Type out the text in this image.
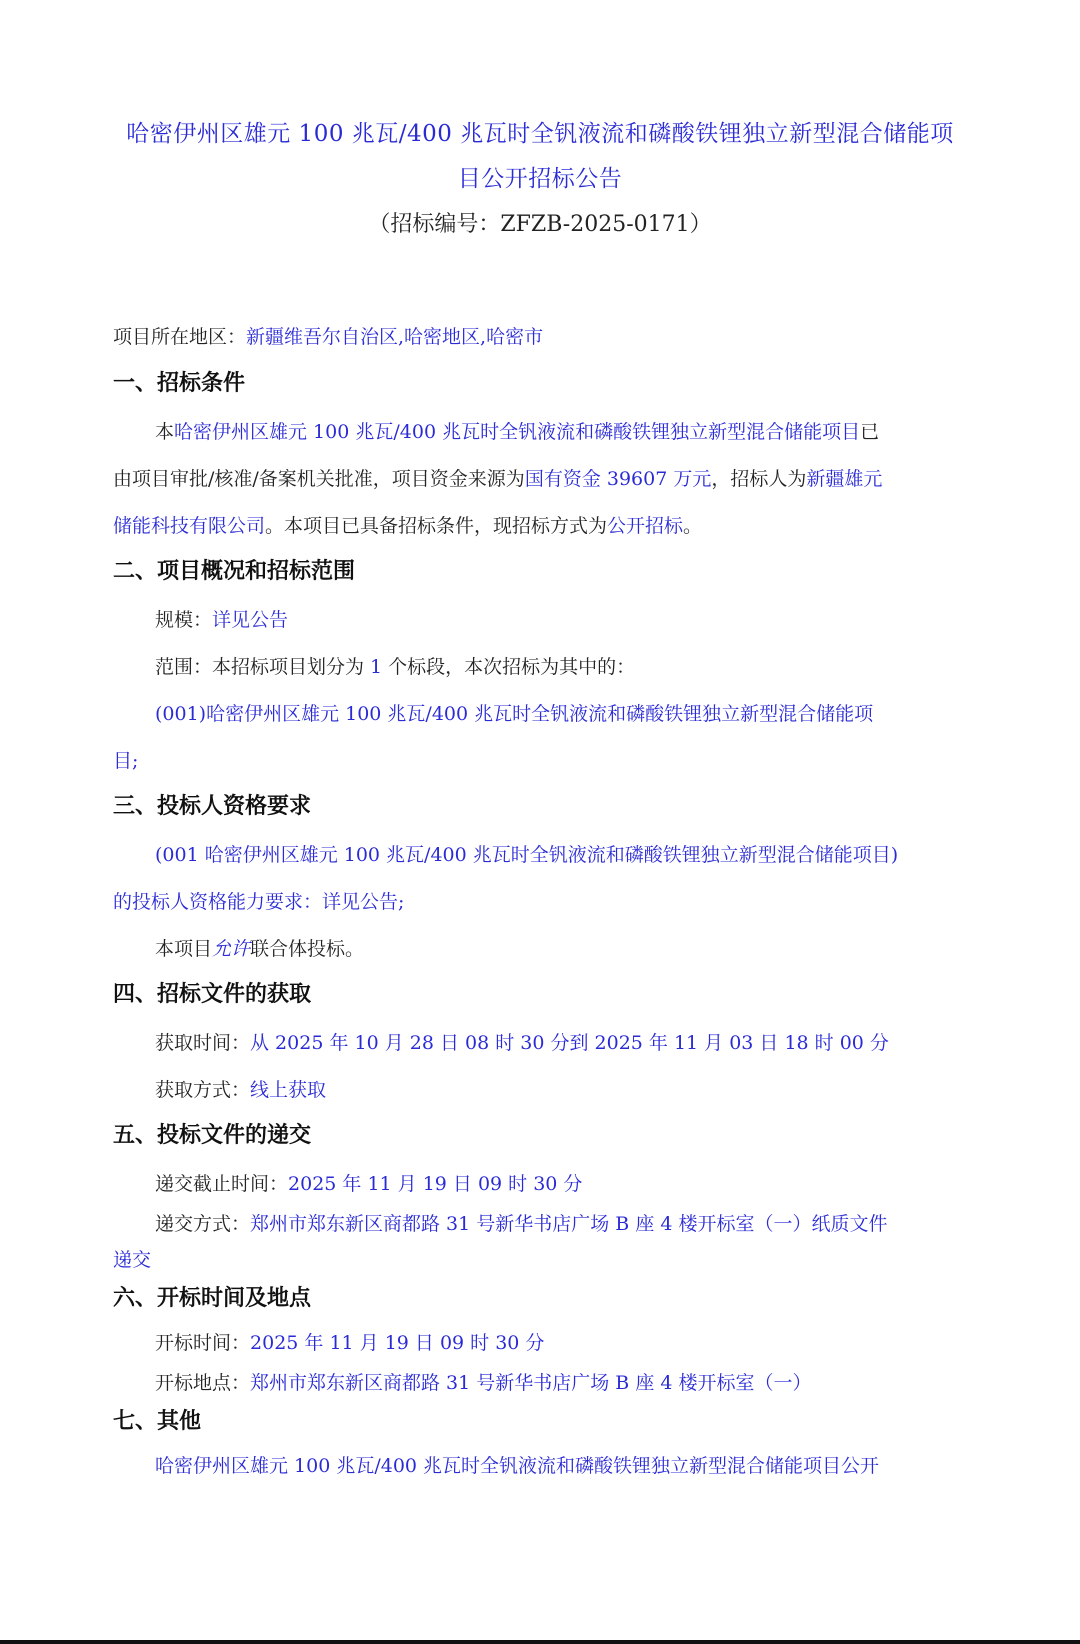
哈密伊州区雄元 100 兆瓦/400 兆瓦时全钒液流和磷酸铁锂独立新型混合储能项
目公开招标公告
（招标编号：ZFZB-2025-0171）
项目所在地区：新疆维吾尔自治区,哈密地区,哈密市
一、招标条件
本哈密伊州区雄元 100 兆瓦/400 兆瓦时全钒液流和磷酸铁锂独立新型混合储能项目已
由项目审批/核准/备案机关批准，项目资金来源为国有资金 39607 万元，招标人为新疆雄元
储能科技有限公司。本项目已具备招标条件，现招标方式为公开招标。
二、项目概况和招标范围
规模：详见公告
范围：本招标项目划分为 1 个标段，本次招标为其中的：
(001)哈密伊州区雄元 100 兆瓦/400 兆瓦时全钒液流和磷酸铁锂独立新型混合储能项
目;
三、投标人资格要求
(001 哈密伊州区雄元 100 兆瓦/400 兆瓦时全钒液流和磷酸铁锂独立新型混合储能项目)
的投标人资格能力要求：详见公告;
本项目允许联合体投标。
四、招标文件的获取
获取时间：从 2025 年 10 月 28 日 08 时 30 分到 2025 年 11 月 03 日 18 时 00 分
获取方式：线上获取
五、投标文件的递交
递交截止时间：2025 年 11 月 19 日 09 时 30 分
递交方式：郑州市郑东新区商都路 31 号新华书店广场 B 座 4 楼开标室（一）纸质文件
递交
六、开标时间及地点
开标时间：2025 年 11 月 19 日 09 时 30 分
开标地点：郑州市郑东新区商都路 31 号新华书店广场 B 座 4 楼开标室（一）
七、其他
哈密伊州区雄元 100 兆瓦/400 兆瓦时全钒液流和磷酸铁锂独立新型混合储能项目公开
